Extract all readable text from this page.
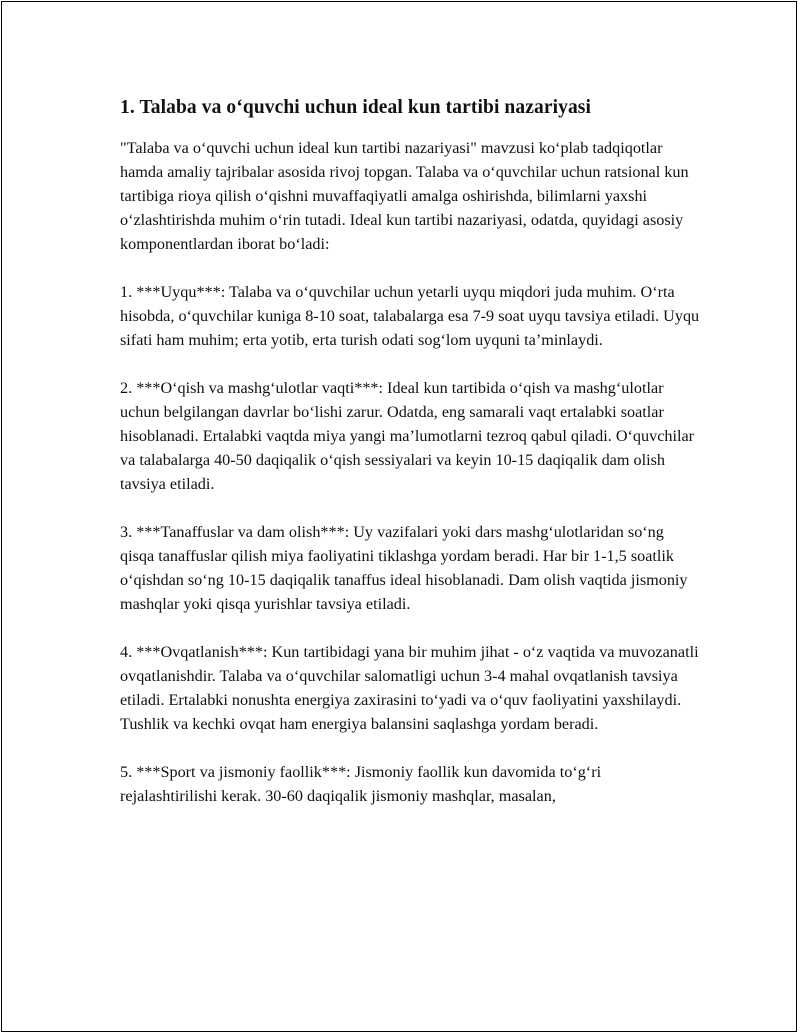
1. Talaba va o‘quvchi uchun ideal kun tartibi nazariyasi

"Talaba va o‘quvchi uchun ideal kun tartibi nazariyasi" mavzusi ko‘plab tadqiqotlar hamda amaliy tajribalar asosida rivoj topgan. Talaba va o‘quvchilar uchun ratsional kun tartibiga rioya qilish o‘qishni muvaffaqiyatli amalga oshirishda, bilimlarni yaxshi o‘zlashtirishda muhim o‘rin tutadi. Ideal kun tartibi nazariyasi, odatda, quyidagi asosiy komponentlardan iborat bo‘ladi:

1. ***Uyqu***: Talaba va o‘quvchilar uchun yetarli uyqu miqdori juda muhim. O‘rta hisobda, o‘quvchilar kuniga 8-10 soat, talabalarga esa 7-9 soat uyqu tavsiya etiladi. Uyqu sifati ham muhim; erta yotib, erta turish odati sog‘lom uyquni ta’minlaydi.

2. ***O‘qish va mashg‘ulotlar vaqti***: Ideal kun tartibida o‘qish va mashg‘ulotlar uchun belgilangan davrlar bo‘lishi zarur. Odatda, eng samarali vaqt ertalabki soatlar hisoblanadi. Ertalabki vaqtda miya yangi ma’lumotlarni tezroq qabul qiladi. O‘quvchilar va talabalarga 40-50 daqiqalik o‘qish sessiyalari va keyin 10-15 daqiqalik dam olish tavsiya etiladi.

3. ***Tanaffuslar va dam olish***: Uy vazifalari yoki dars mashg‘ulotlaridan so‘ng qisqa tanaffuslar qilish miya faoliyatini tiklashga yordam beradi. Har bir 1-1,5 soatlik o‘qishdan so‘ng 10-15 daqiqalik tanaffus ideal hisoblanadi. Dam olish vaqtida jismoniy mashqlar yoki qisqa yurishlar tavsiya etiladi.

4. ***Ovqatlanish***: Kun tartibidagi yana bir muhim jihat - o‘z vaqtida va muvozanatli ovqatlanishdir. Talaba va o‘quvchilar salomatligi uchun 3-4 mahal ovqatlanish tavsiya etiladi. Ertalabki nonushta energiya zaxirasini to‘yadi va o‘quv faoliyatini yaxshilaydi. Tushlik va kechki ovqat ham energiya balansini saqlashga yordam beradi.

5. ***Sport va jismoniy faollik***: Jismoniy faollik kun davomida to‘g‘ri rejalashtirilishi kerak. 30-60 daqiqalik jismoniy mashqlar, masalan,
